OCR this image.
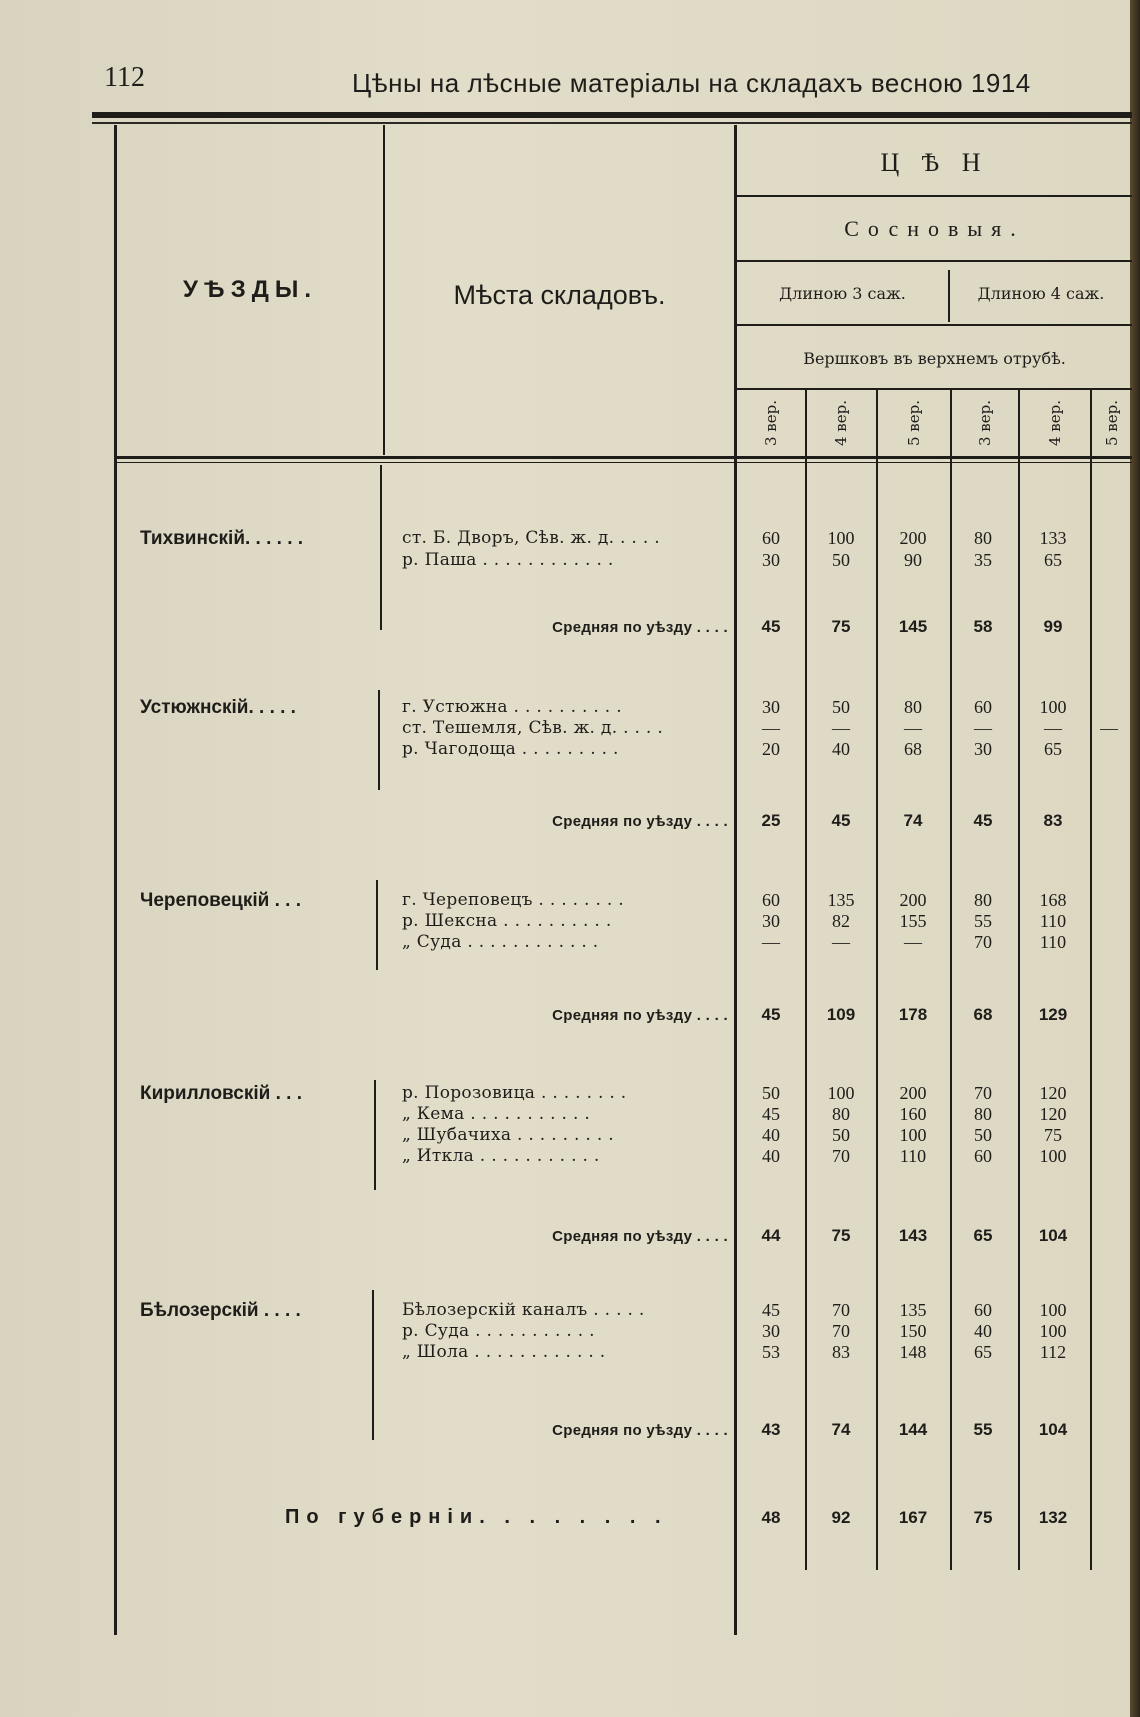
112	Цѣны на лѣсные матеріалы на складахъ весною 1914
УѢЗДЫ.	Мѣста складовъ.
Ц Ѣ Н
Сосновыя.
Длиною 3 саж.	Длиною 4 саж.
Вершковъ въ верхнемъ отрубѣ.
3 вер.	4 вер.	5 вер.	3 вер.	4 вер.	5 вер.
Тихвинскій. . . . . .	ст. Б. Дворъ, Сѣв. ж. д. . . . .	60	100	200	80	133
р. Паша . . . . . . . . . . . .	30	50	90	35	65
Средняя по уѣзду . . . .	45	75	145	58	99
Устюжнскій. . . . .	г. Устюжна . . . . . . . . . .	30	50	80	60	100
ст. Тешемля, Сѣв. ж. д. . . . .	—	—	—	—	—	—
р. Чагодоща . . . . . . . . .	20	40	68	30	65
Средняя по уѣзду . . . .	25	45	74	45	83
Череповецкій . . .	г. Череповецъ . . . . . . . .	60	135	200	80	168
р. Шексна . . . . . . . . . .	30	82	155	55	110
„ Суда . . . . . . . . . . . .	—	—	—	70	110
Средняя по уѣзду . . . .	45	109	178	68	129
Кирилловскій . . .	р. Порозовица . . . . . . . .	50	100	200	70	120
„ Кема . . . . . . . . . . .	45	80	160	80	120
„ Шубачиха . . . . . . . . .	40	50	100	50	75
„ Иткла . . . . . . . . . . .	40	70	110	60	100
Средняя по уѣзду . . . .	44	75	143	65	104
Бѣлозерскій . . . .	Бѣлозерскій каналъ . . . . .	45	70	135	60	100
р. Суда . . . . . . . . . . .	30	70	150	40	100
„ Шола . . . . . . . . . . . .	53	83	148	65	112
Средняя по уѣзду . . . .	43	74	144	55	104
По губерніи. . . . . . . .	48	92	167	75	132
